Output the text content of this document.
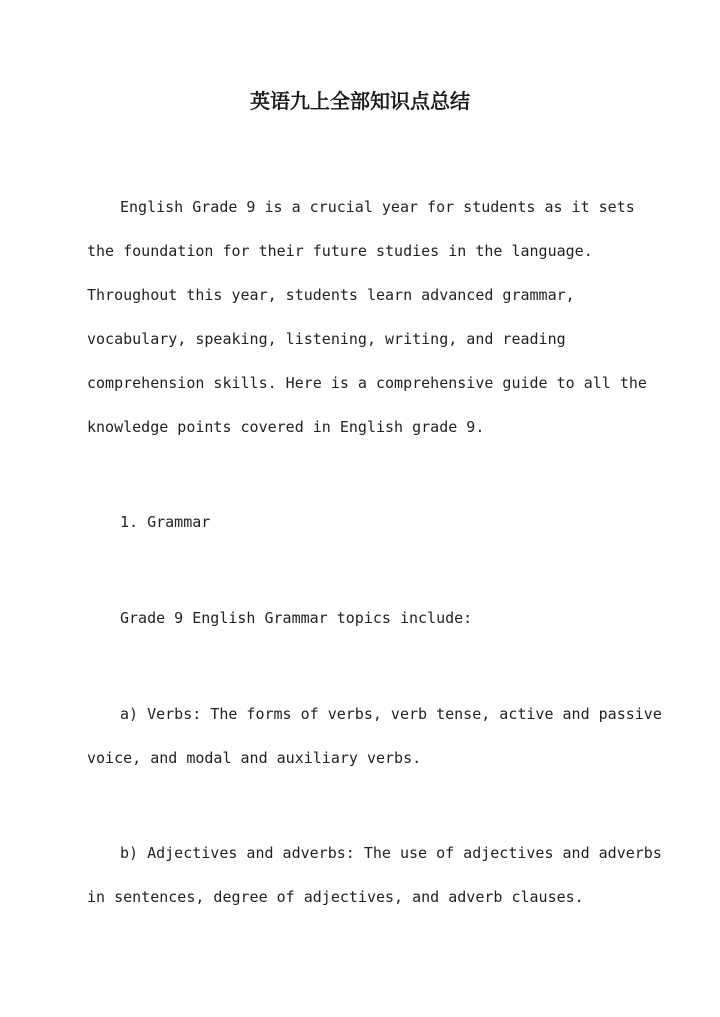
英语九上全部知识点总结
English Grade 9 is a crucial year for students as it sets
the foundation for their future studies in the language.
Throughout this year, students learn advanced grammar,
vocabulary, speaking, listening, writing, and reading
comprehension skills. Here is a comprehensive guide to all the
knowledge points covered in English grade 9.
1. Grammar
Grade 9 English Grammar topics include:
a) Verbs: The forms of verbs, verb tense, active and passive
voice, and modal and auxiliary verbs.
b) Adjectives and adverbs: The use of adjectives and adverbs
in sentences, degree of adjectives, and adverb clauses.
